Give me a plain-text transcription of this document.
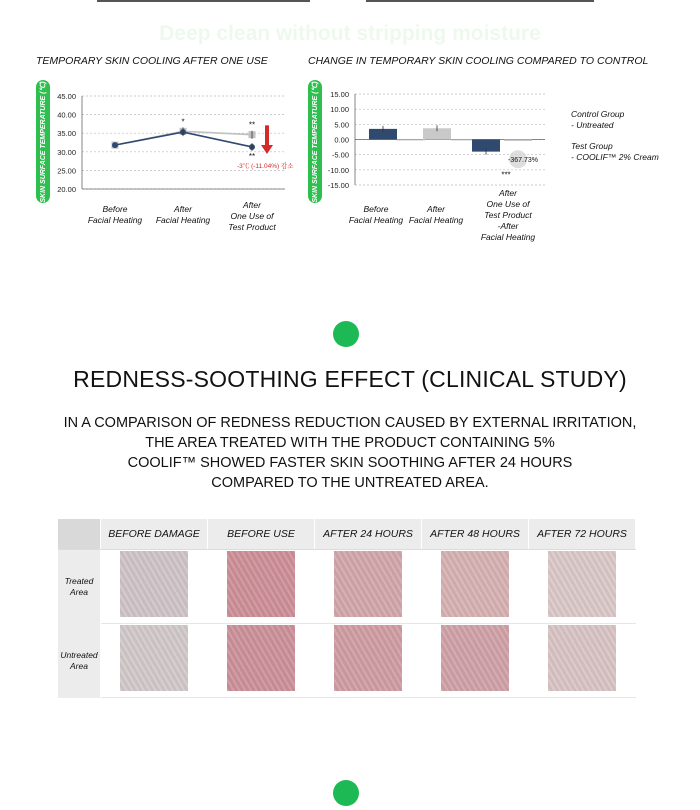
Deep clean without stripping moisture
TEMPORARY SKIN COOLING AFTER ONE USE
SKIN SURFACE TEMPERATURE (℃) 45.00
40.00
35.00
30.00
25.00
20.00
*	**
**
-3℃ (-11.04%) 감소
Before
Facial Heating
After
Facial Heating
After
One Use of
Test Product
CHANGE IN TEMPORARY SKIN COOLING COMPARED TO CONTROL
SKIN SURFACE TEMPERATURE (℃) 15.00
10.00
5.00
0.00
-5.00
-10.00
-15.00
-367.73%
***
Before
Facial Heating
After
Facial Heating
After
One Use of
Test Product
-After
Facial Heating
Control Group
- Untreated
Test Group
- COOLIF™ 2% Cream
REDNESS-SOOTHING EFFECT (CLINICAL STUDY)
IN A COMPARISON OF REDNESS REDUCTION CAUSED BY EXTERNAL IRRITATION,
THE AREA TREATED WITH THE PRODUCT CONTAINING 5%
COOLIF™ SHOWED FASTER SKIN SOOTHING AFTER 24 HOURS
COMPARED TO THE UNTREATED AREA.
	BEFORE DAMAGE	BEFORE USE	AFTER 24 HOURS	AFTER 48 HOURS	AFTER 72 HOURS

Treated
Area					

Untreated
Area					
